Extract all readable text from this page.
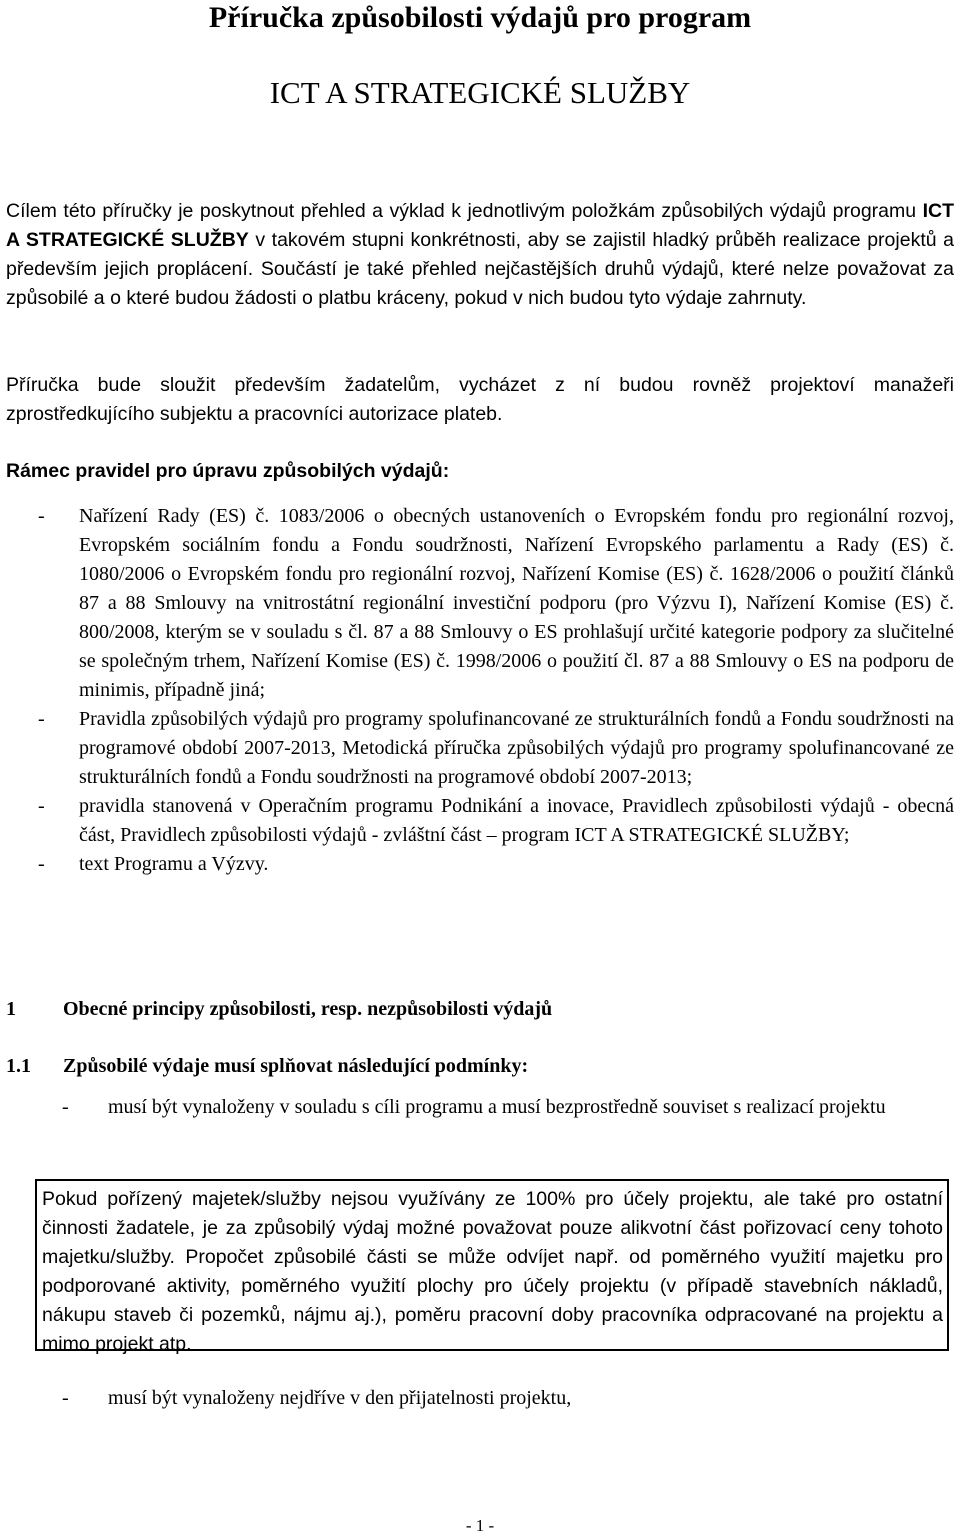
Příručka způsobilosti výdajů pro program
ICT A STRATEGICKÉ SLUŽBY

Cílem této příručky je poskytnout přehled a výklad k jednotlivým položkám způsobilých výdajů programu ICT A STRATEGICKÉ SLUŽBY v takovém stupni konkrétnosti, aby se zajistil hladký průběh realizace projektů a především jejich proplácení. Součástí je také přehled nejčastějších druhů výdajů, které nelze považovat za způsobilé a o které budou žádosti o platbu kráceny, pokud v nich budou tyto výdaje zahrnuty.

Příručka bude sloužit především žadatelům, vycházet z ní budou rovněž projektoví manažeři zprostředkujícího subjektu a pracovníci autorizace plateb.

Rámec pravidel pro úpravu způsobilých výdajů:

- Nařízení Rady (ES) č. 1083/2006 o obecných ustanoveních o Evropském fondu pro regionální rozvoj, Evropském sociálním fondu a Fondu soudržnosti, Nařízení Evropského parlamentu a Rady (ES) č. 1080/2006 o Evropském fondu pro regionální rozvoj, Nařízení Komise (ES) č. 1628/2006 o použití článků 87 a 88 Smlouvy na vnitrostátní regionální investiční podporu (pro Výzvu I), Nařízení Komise (ES) č. 800/2008, kterým se v souladu s čl. 87 a 88 Smlouvy o ES prohlašují určité kategorie podpory za slučitelné se společným trhem, Nařízení Komise (ES) č. 1998/2006 o použití čl. 87 a 88 Smlouvy o ES na podporu de minimis, případně jiná;
- Pravidla způsobilých výdajů pro programy spolufinancované ze strukturálních fondů a Fondu soudržnosti na programové období 2007-2013, Metodická příručka způsobilých výdajů pro programy spolufinancované ze strukturálních fondů a Fondu soudržnosti na programové období 2007-2013;
- pravidla stanovená v Operačním programu Podnikání a inovace, Pravidlech způsobilosti výdajů - obecná část, Pravidlech způsobilosti výdajů - zvláštní část – program ICT A STRATEGICKÉ SLUŽBY;
- text Programu a Výzvy.
1 Obecné principy způsobilosti, resp. nezpůsobilosti výdajů
1.1 Způsobilé výdaje musí splňovat následující podmínky:
- musí být vynaloženy v souladu s cíli programu a musí bezprostředně souviset s realizací projektu
Pokud pořízený majetek/služby nejsou využívány ze 100% pro účely projektu, ale také pro ostatní činnosti žadatele, je za způsobilý výdaj možné považovat pouze alikvotní část pořizovací ceny tohoto majetku/služby. Propočet způsobilé části se může odvíjet např. od poměrného využití majetku pro podporované aktivity, poměrného využití plochy pro účely projektu (v případě stavebních nákladů, nákupu staveb či pozemků, nájmu aj.), poměru pracovní doby pracovníka odpracované na projektu a mimo projekt atp.
- musí být vynaloženy nejdříve v den přijatelnosti projektu,
- 1 -
